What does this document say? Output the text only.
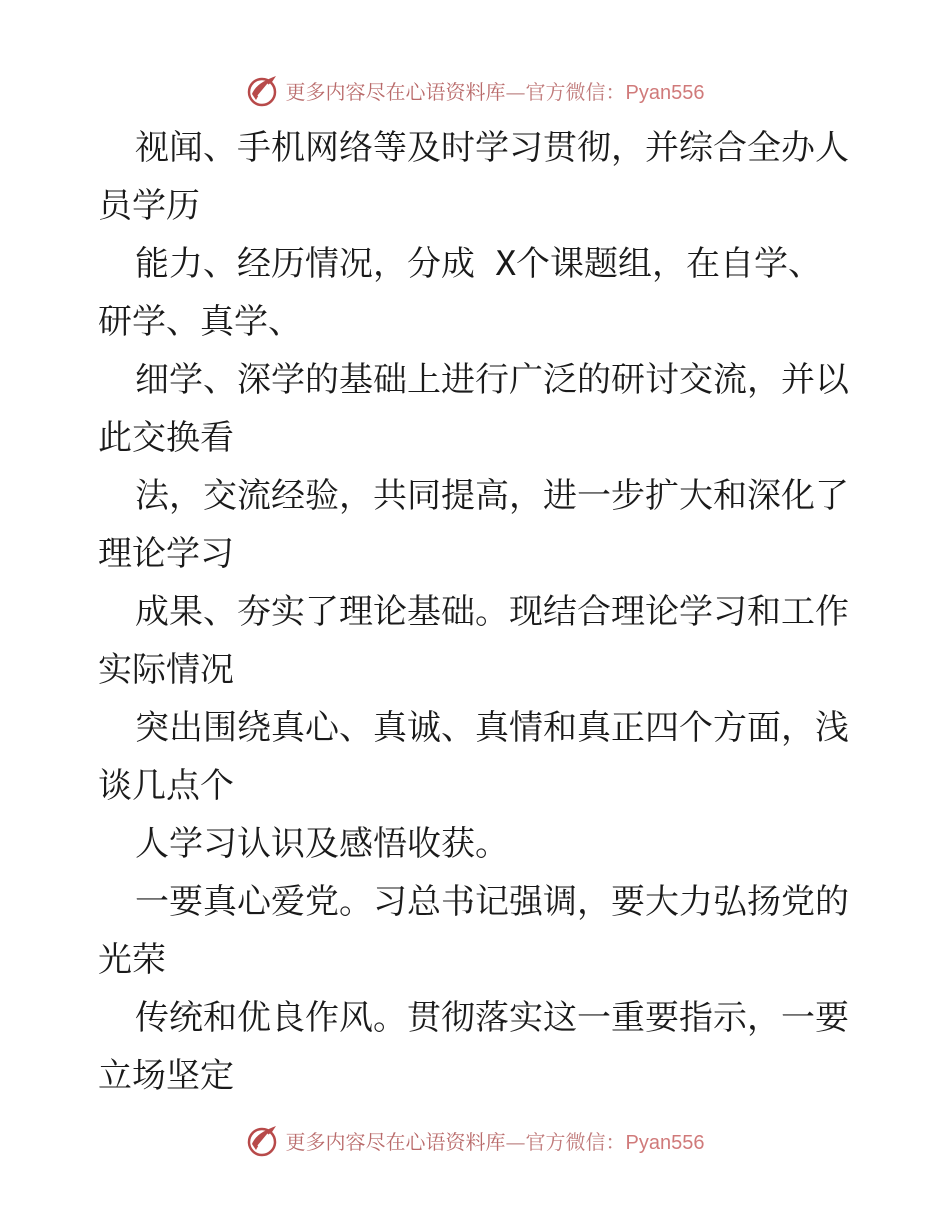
更多内容尽在心语资料库—官方微信：Pyan556
视闻、手机网络等及时学习贯彻，并综合全办人
员学历
能力、经历情况，分成 X个课题组，在自学、
研学、真学、
细学、深学的基础上进行广泛的研讨交流，并以
此交换看
法，交流经验，共同提高，进一步扩大和深化了
理论学习
成果、夯实了理论基础。现结合理论学习和工作
实际情况
突出围绕真心、真诚、真情和真正四个方面，浅
谈几点个
人学习认识及感悟收获。
一要真心爱党。习总书记强调，要大力弘扬党的
光荣
传统和优良作风。贯彻落实这一重要指示，一要
立场坚定
更多内容尽在心语资料库—官方微信：Pyan556
